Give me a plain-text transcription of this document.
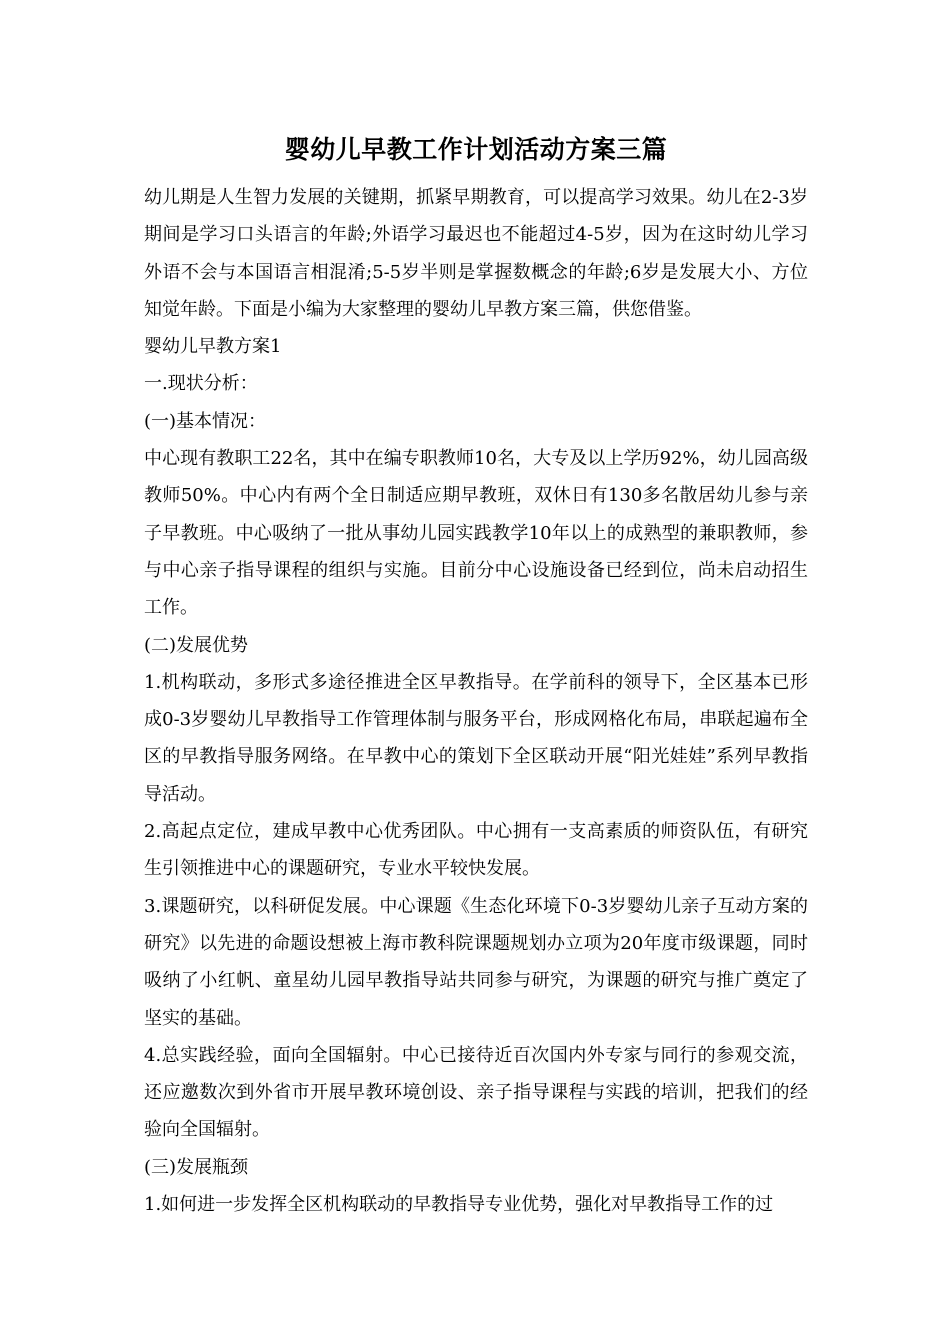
婴幼儿早教工作计划活动方案三篇

幼儿期是人生智力发展的关键期，抓紧早期教育，可以提高学习效果。幼儿在2-3岁期间是学习口头语言的年龄;外语学习最迟也不能超过4-5岁，因为在这时幼儿学习外语不会与本国语言相混淆;5-5岁半则是掌握数概念的年龄;6岁是发展大小、方位知觉年龄。下面是小编为大家整理的婴幼儿早教方案三篇，供您借鉴。

婴幼儿早教方案1

一.现状分析：

(一)基本情况：

中心现有教职工22名，其中在编专职教师10名，大专及以上学历92%，幼儿园高级教师50%。中心内有两个全日制适应期早教班，双休日有130多名散居幼儿参与亲子早教班。中心吸纳了一批从事幼儿园实践教学10年以上的成熟型的兼职教师，参与中心亲子指导课程的组织与实施。目前分中心设施设备已经到位，尚未启动招生工作。

(二)发展优势

1.机构联动，多形式多途径推进全区早教指导。在学前科的领导下，全区基本已形成0-3岁婴幼儿早教指导工作管理体制与服务平台，形成网格化布局，串联起遍布全区的早教指导服务网络。在早教中心的策划下全区联动开展“阳光娃娃”系列早教指导活动。

2.高起点定位，建成早教中心优秀团队。中心拥有一支高素质的师资队伍，有研究生引领推进中心的课题研究，专业水平较快发展。

3.课题研究，以科研促发展。中心课题《生态化环境下0-3岁婴幼儿亲子互动方案的研究》以先进的命题设想被上海市教科院课题规划办立项为20年度市级课题，同时吸纳了小红帆、童星幼儿园早教指导站共同参与研究，为课题的研究与推广奠定了坚实的基础。

4.总实践经验，面向全国辐射。中心已接待近百次国内外专家与同行的参观交流，还应邀数次到外省市开展早教环境创设、亲子指导课程与实践的培训，把我们的经验向全国辐射。

(三)发展瓶颈

1.如何进一步发挥全区机构联动的早教指导专业优势，强化对早教指导工作的过
